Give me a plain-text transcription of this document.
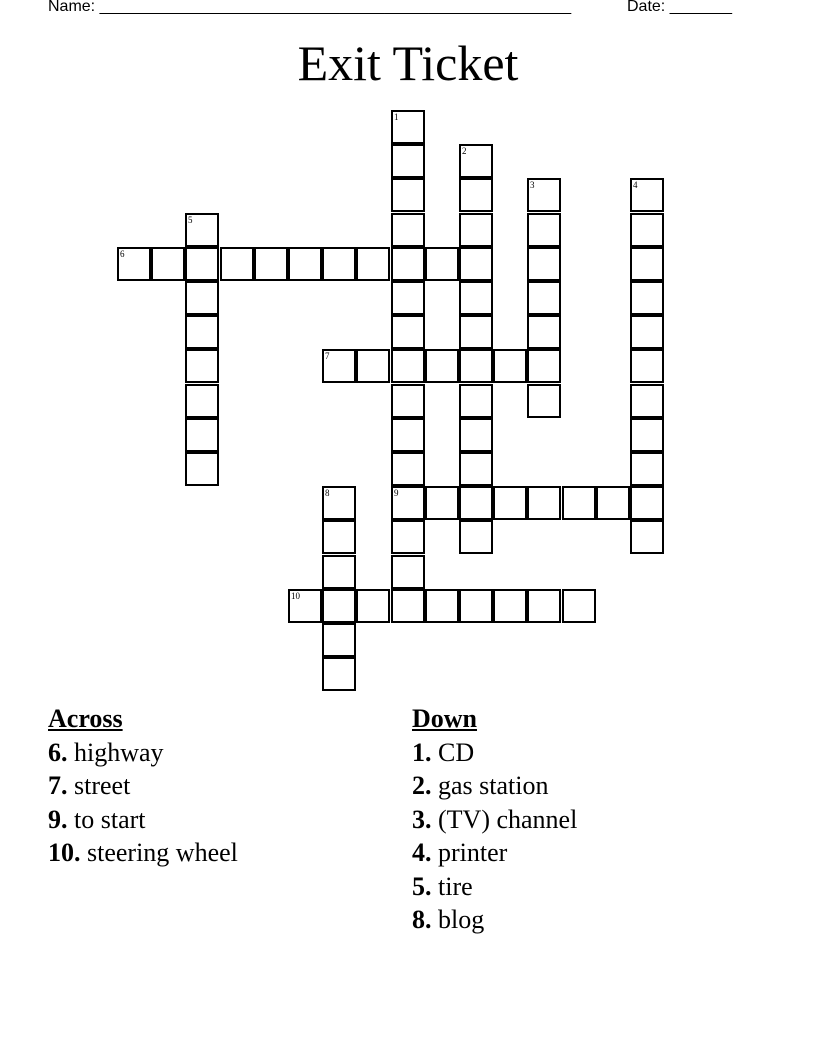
Name: _____________________________________________________	Date: _______
Exit Ticket
1
9
2
3	4
5
6
7
8
10
Across
6. highway
7. street
9. to start
10. steering wheel
Down
1. CD
2. gas station
3. (TV) channel
4. printer
5. tire
8. blog
